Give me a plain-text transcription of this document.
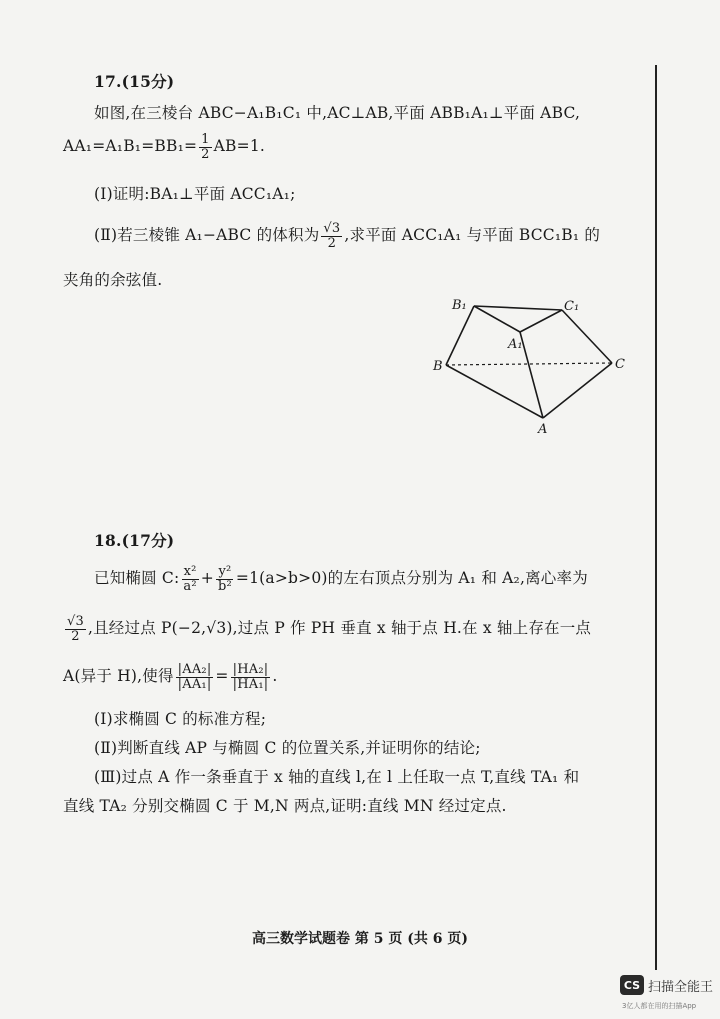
17.(15分)
如图,在三棱台 ABC−A₁B₁C₁ 中,AC⊥AB,平面 ABB₁A₁⊥平面 ABC,
$AA_1=A_1B_1=BB_1= \frac{1}{2} AB=1$.
(Ⅰ)证明:BA₁⊥平面 ACC₁A₁;
(Ⅱ)若三棱锥 A₁−ABC 的体积为 $\frac{√3}{2}$ ,求平面 ACC₁A₁ 与平面 BCC₁B₁ 的
夹角的余弦值.
B₁	C₁
A₁
B	C
A
18.(17分)
已知椭圆 C: $\frac{\text{x²}}{\text{a²}} + \frac{\text{y²}}{\text{b²}} =1(a>b>0)$的左右顶点分别为 A₁ 和 A₂,离心率为
$\frac{√3}{2}$ ,且经过点 P(−2,√3),过点 P 作 PH 垂直 x 轴于点 H.在 x 轴上存在一点
A(异于 H),使得 $\frac{\text{|AA₂|}}{\text{|AA₁|}} = \frac{\text{|HA₂|}}{\text{|HA₁|}}$ .
(Ⅰ)求椭圆 C 的标准方程;
(Ⅱ)判断直线 AP 与椭圆 C 的位置关系,并证明你的结论;
(Ⅲ)过点 A 作一条垂直于 x 轴的直线 l,在 l 上任取一点 T,直线 TA₁ 和
直线 TA₂ 分别交椭圆 C 于 M,N 两点,证明:直线 MN 经过定点.
高三数学试题卷 第 5 页 (共 6 页)
CS 扫描全能王
3亿人都在用的扫描App
